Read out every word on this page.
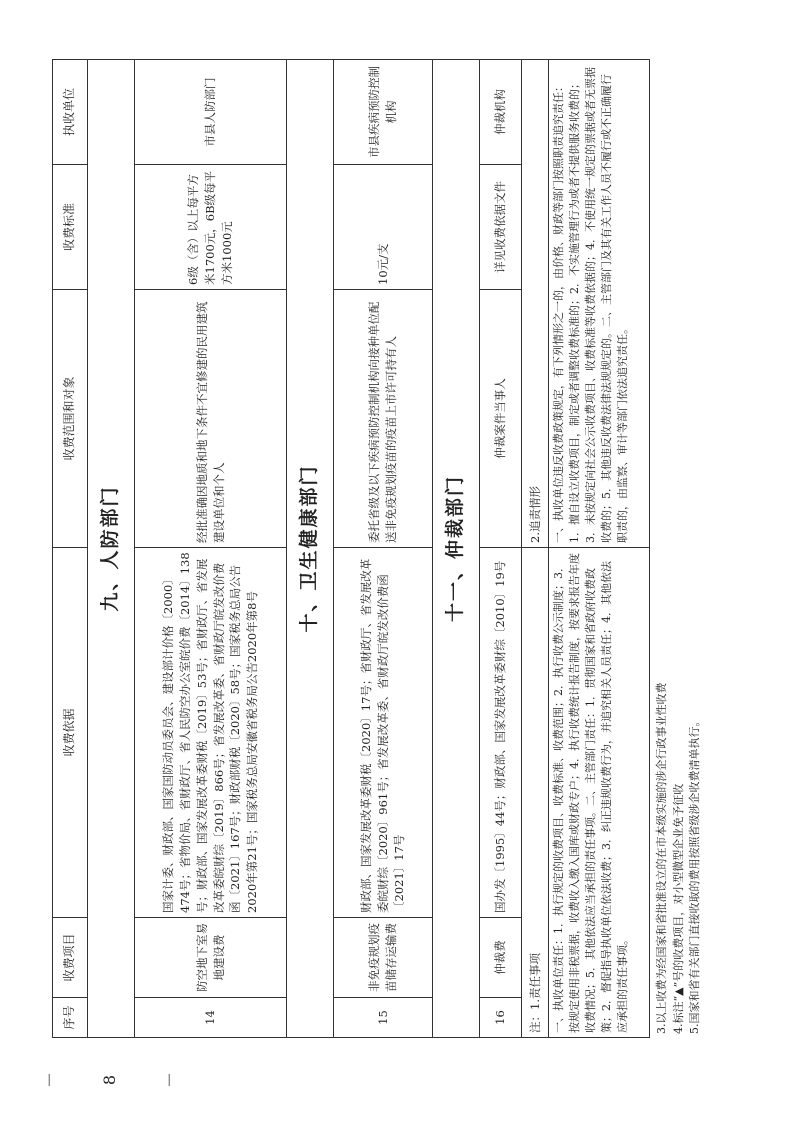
序号	收费项目	收费依据	收费范围和对象	收费标准	执收单位
九、人防部门					
14	防空地下室易地建设费	国家计委、财政部、国家国防动员委员会、建设部计价格〔2000〕474号；省物价局、省财政厅、省人民防空办公室皖价费〔2014〕138号；财政部、国家发展改革委财税〔2019〕53号；省财政厅、省发展改革委皖财综〔2019〕866号；省发展改革委、省财政厅皖发改价费函〔2021〕167号；财政部财税〔2020〕58号；国家税务总局公告2020年第21号；国家税务总局安徽省税务局公告2020年第8号	经批准确因地质和地下条件不宜修建的民用建筑建设单位和个人	6级（含）以上每平方米1700元，6B级每平方米1000元	市县人防部门
十、卫生健康部门					
15	非免疫规划疫苗储存运输费	财政部、国家发展改革委财税〔2020〕17号；省财政厅、省发展改革委皖财综〔2020〕961号；省发展改革委、省财政厅皖发改价费函〔2021〕17号	委托省级及以下疾病预防控制机构向接种单位配送非免疫规划疫苗的疫苗上市许可持有人	10元/支	市县疾病预防控制机构
十一、仲裁部门					
16	仲裁费	国办发〔1995〕44号；财政部、国家发展改革委财综〔2010〕19号	仲裁案件当事人	详见收费依据文件	仲裁机构
注：1.责任事项			2.追责情形		
一、执收单位责任：1．执行规定的收费项目、收费标准、收费范围；2．执行收费公示制度；3．按规定使用非税票据，收费收入缴入国库或财政专户；4．执行收费统计报告制度，按要求报告年度收费情况；5．其他依法应当承担的责任事项。二、主管部门责任：1．贯彻国家和省政府收费政策；2．督促指导执收单位依法收费；3．纠正违规收费行为，并追究相关人员责任；4．其他依法应承担的责任事项。			一、执收单位违反收费政策规定，有下列情形之一的，由价格、财政等部门按照职责追究责任：1．擅自设立收费项目，制定或者调整收费标准的；2．不实施管理行为或者不提供服务收费的；3．未按规定向社会公示收费项目、收费标准等收费依据的；4．不使用统一规定的票据或者无票据收费的；5．其他违反收费法律法规规定的。二、主管部门及其有关工作人员不履行或不正确履行职责的，由监察、审计等部门依法追究责任。		
3.以上收费为经国家和省批准设立的在市本级实施的涉企行政事业性收费 4.标注“▲”号的收费项目，对小型微型企业免予征收 5.国家和省有关部门直接收取的费用按照省级涉企收费清单执行。
－ 8 －
